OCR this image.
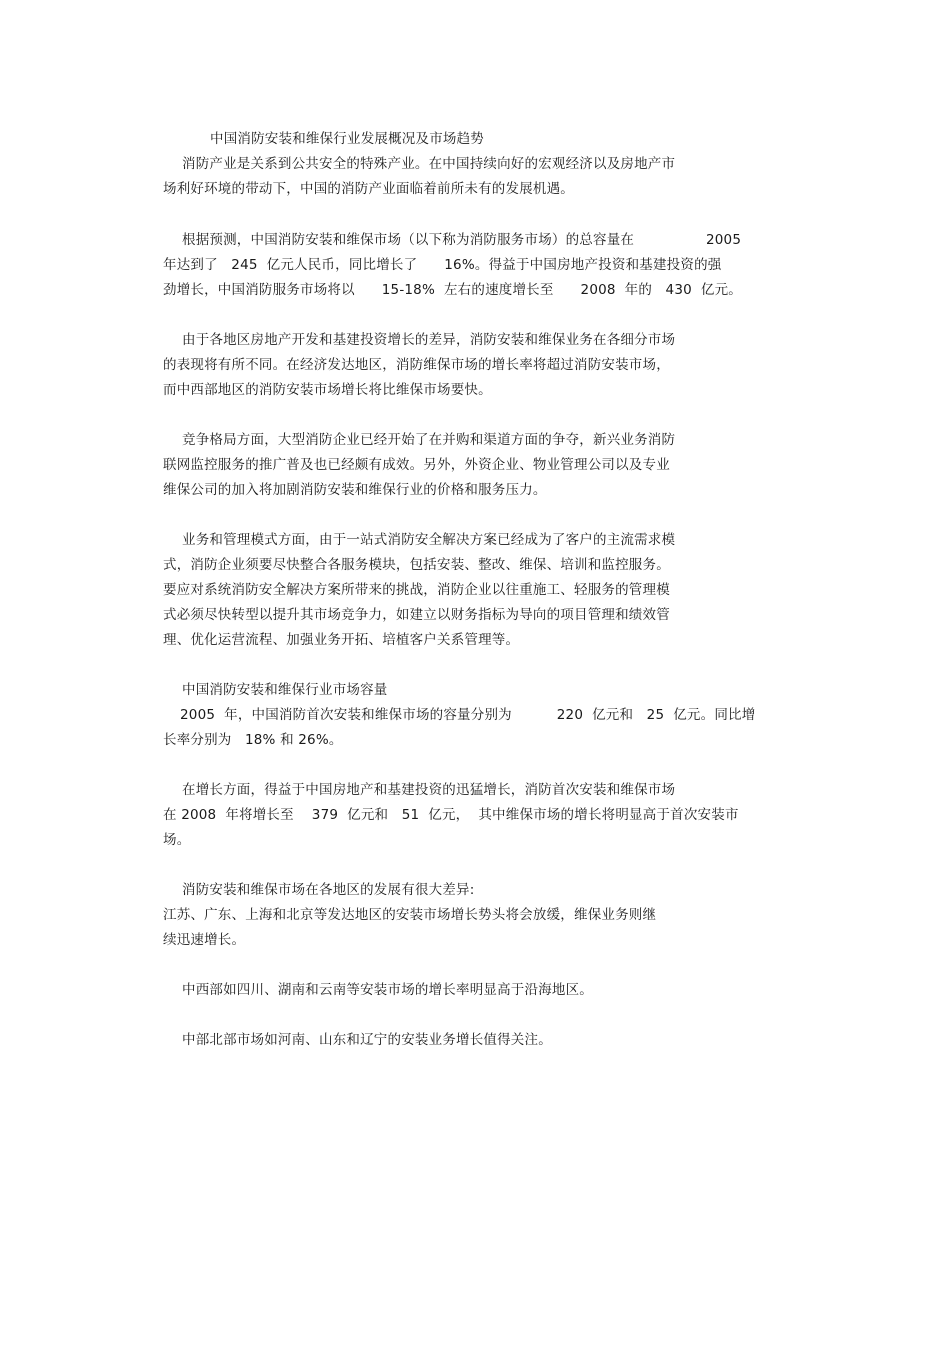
中国消防安装和维保行业发展概况及市场趋势
消防产业是关系到公共安全的特殊产业。在中国持续向好的宏观经济以及房地产市
场利好环境的带动下，中国的消防产业面临着前所未有的发展机遇。
根据预测，中国消防安装和维保市场（以下称为消防服务市场）的总容量在                2005
年达到了   245  亿元人民币，同比增长了      16%。得益于中国房地产投资和基建投资的强
劲增长，中国消防服务市场将以      15-18%  左右的速度增长至      2008  年的   430  亿元。
由于各地区房地产开发和基建投资增长的差异，消防安装和维保业务在各细分市场
的表现将有所不同。在经济发达地区，消防维保市场的增长率将超过消防安装市场，
而中西部地区的消防安装市场增长将比维保市场要快。
竞争格局方面，大型消防企业已经开始了在并购和渠道方面的争夺，新兴业务消防
联网监控服务的推广普及也已经颇有成效。另外，外资企业、物业管理公司以及专业
维保公司的加入将加剧消防安装和维保行业的价格和服务压力。
业务和管理模式方面，由于一站式消防安全解决方案已经成为了客户的主流需求模
式，消防企业须要尽快整合各服务模块，包括安装、整改、维保、培训和监控服务。
要应对系统消防安全解决方案所带来的挑战，消防企业以往重施工、轻服务的管理模
式必须尽快转型以提升其市场竞争力，如建立以财务指标为导向的项目管理和绩效管
理、优化运营流程、加强业务开拓、培植客户关系管理等。
中国消防安装和维保行业市场容量
2005  年，中国消防首次安装和维保市场的容量分别为          220  亿元和   25  亿元。同比增
长率分别为   18% 和 26%。
在增长方面，得益于中国房地产和基建投资的迅猛增长，消防首次安装和维保市场
在 2008  年将增长至    379  亿元和   51  亿元，  其中维保市场的增长将明显高于首次安装市
场。
消防安装和维保市场在各地区的发展有很大差异:
江苏、广东、上海和北京等发达地区的安装市场增长势头将会放缓，维保业务则继
续迅速增长。
中西部如四川、湖南和云南等安装市场的增长率明显高于沿海地区。
中部北部市场如河南、山东和辽宁的安装业务增长值得关注。
